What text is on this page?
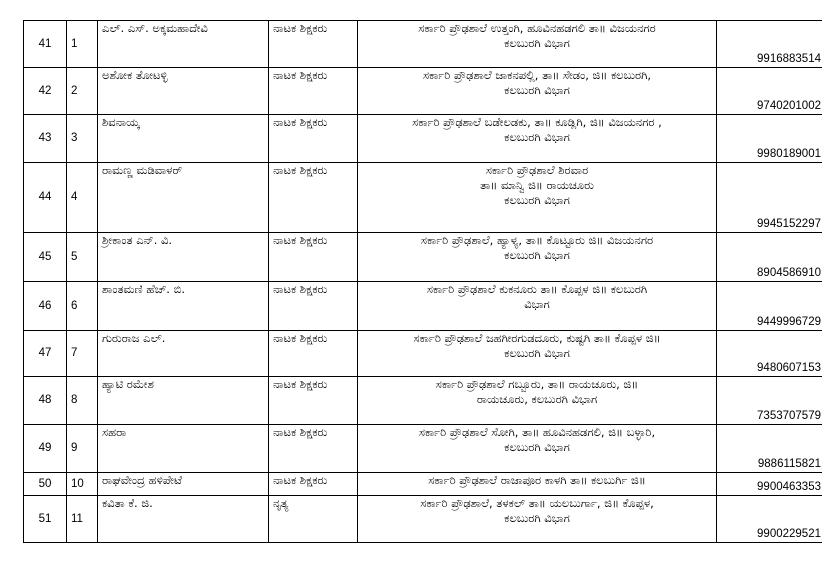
41	1	ಎಲ್. ಎಸ್. ಅಕ್ಕಮಹಾದೇವಿ	ನಾಟಕ ಶಿಕ್ಷಕರು	ಸರ್ಕಾರಿ ಪ್ರೌಢಶಾಲೆ ಉತ್ತಂಗಿ, ಹೂವಿನಹಡಗಲಿ ತಾ॥ ವಿಜಯನಗರ
ಕಲಬುರಗಿ ವಿಭಾಗ	9916883514
42	2	ಅಶೋಕ ತೋಟಳ್ಳಿ	ನಾಟಕ ಶಿಕ್ಷಕರು	ಸರ್ಕಾರಿ ಪ್ರೌಢಶಾಲೆ ಜಾಕನಪಲ್ಲಿ, ತಾ॥ ಸೇಡಂ, ಜಿ॥ ಕಲಬುರಗಿ,
ಕಲಬುರಗಿ ವಿಭಾಗ	9740201002
43	3	ಶಿವನಾಯ್ಕ	ನಾಟಕ ಶಿಕ್ಷಕರು	ಸರ್ಕಾರಿ ಪ್ರೌಢಶಾಲೆ ಬಡೇಲಡಕು, ತಾ॥ ಕೂಡ್ಲಿಗಿ, ಜಿ॥ ವಿಜಯನಗರ ,
ಕಲಬುರಗಿ ವಿಭಾಗ	9980189001
44	4	ರಾಮಣ್ಣ ಮಡಿವಾಳರ್	ನಾಟಕ ಶಿಕ್ಷಕರು	ಸರ್ಕಾರಿ ಪ್ರೌಢಶಾಲೆ ಶಿರವಾರ
ತಾ॥ ಮಾನ್ವಿ ಜಿ॥ ರಾಯಚೂರು
ಕಲಬುರಗಿ ವಿಭಾಗ	9945152297
45	5	ಶ್ರೀಕಾಂತ ಎನ್. ವಿ.	ನಾಟಕ ಶಿಕ್ಷಕರು	ಸರ್ಕಾರಿ ಪ್ರೌಢಶಾಲೆ, ಹ್ಯಾಳ್ಯ, ತಾ॥ ಕೊಟ್ಟೂರು ಜಿ॥ ವಿಜಯನಗರ
ಕಲಬುರಗಿ ವಿಭಾಗ	8904586910
46	6	ಶಾಂತಮಣಿ ಹೆಚ್. ಬಿ.	ನಾಟಕ ಶಿಕ್ಷಕರು	ಸರ್ಕಾರಿ ಪ್ರೌಢಶಾಲೆ ಕುಕನೂರು ತಾ॥ ಕೊಪ್ಪಳ ಜಿ॥ ಕಲಬುರಗಿ
ವಿಭಾಗ	9449996729
47	7	ಗುರುರಾಜ ಎಲ್.	ನಾಟಕ ಶಿಕ್ಷಕರು	ಸರ್ಕಾರಿ ಪ್ರೌಢಶಾಲೆ ಜಹಗೀರಗುಡದೂರು, ಕುಷ್ಟಗಿ ತಾ॥ ಕೊಪ್ಪಳ ಜಿ॥
ಕಲಬುರಗಿ ವಿಭಾಗ	9480607153
48	8	ಹ್ಯಾಟಿ ರಮೇಶ	ನಾಟಕ ಶಿಕ್ಷಕರು	ಸರ್ಕಾರಿ ಪ್ರೌಢಶಾಲೆ ಗಬ್ಬೂರು, ತಾ॥ ರಾಯಚೂರು, ಜಿ॥
ರಾಯಚೂರು, ಕಲಬುರಗಿ ವಿಭಾಗ	7353707579
49	9	ಸಹರಾ	ನಾಟಕ ಶಿಕ್ಷಕರು	ಸರ್ಕಾರಿ ಪ್ರೌಢಶಾಲೆ ಸೋಗಿ, ತಾ॥ ಹೂವಿನಹಡಗಲಿ, ಜಿ॥ ಬಳ್ಳಾರಿ,
ಕಲಬುರಗಿ ವಿಭಾಗ	9886115821
50	10	ರಾಘವೇಂದ್ರ ಹಳಿಪೇಟೆ	ನಾಟಕ ಶಿಕ್ಷಕರು	ಸರ್ಕಾರಿ ಪ್ರೌಢಶಾಲೆ ರಾಜಾಪೂರ ಕಾಳಗಿ ತಾ॥ ಕಲಬುರ್ಗಿ ಜಿ॥	9900463353
51	11	ಕವಿತಾ ಕೆ. ಜಿ.	ನೃತ್ಯ	ಸರ್ಕಾರಿ ಪ್ರೌಢಶಾಲೆ, ತಳಕಲ್ ತಾ॥ ಯಲಬುರ್ಗಾ, ಜಿ॥ ಕೊಪ್ಪಳ,
ಕಲಬುರಗಿ ವಿಭಾಗ	9900229521
